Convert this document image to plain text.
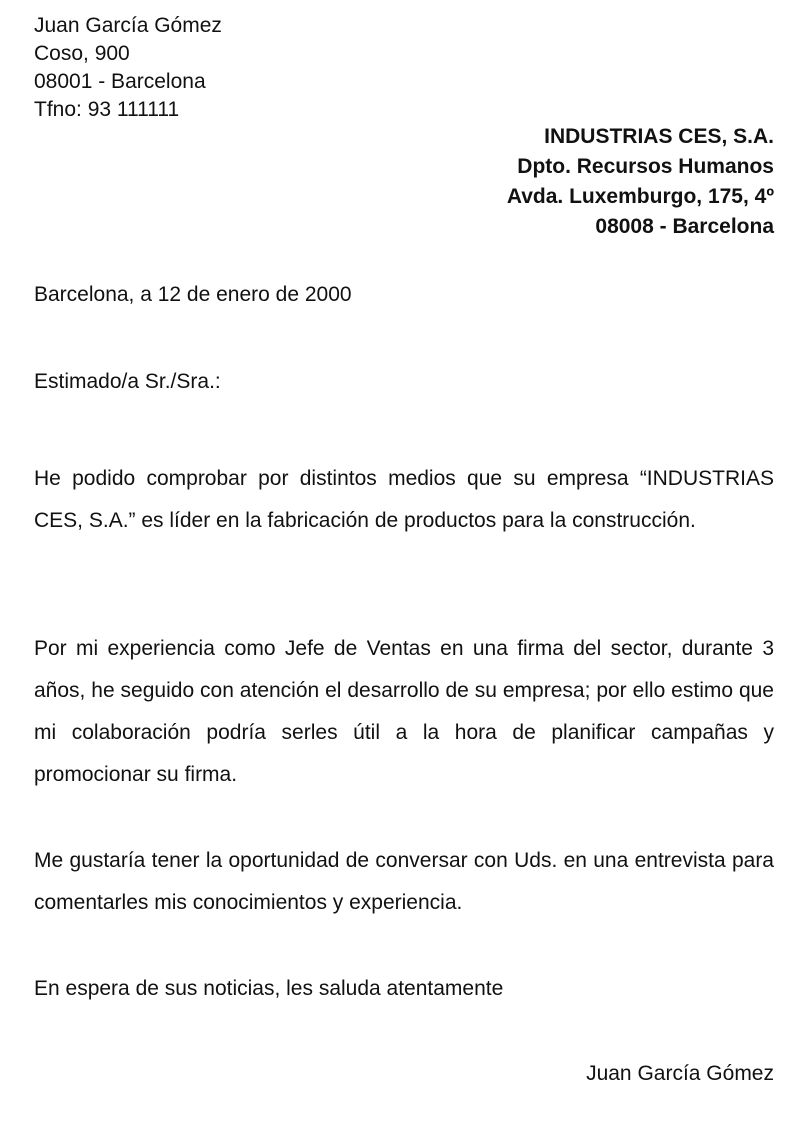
Juan García Gómez
Coso, 900
08001 - Barcelona
Tfno: 93 111111
INDUSTRIAS CES, S.A.
Dpto. Recursos Humanos
Avda. Luxemburgo, 175, 4º
08008 - Barcelona
Barcelona, a 12 de enero de 2000
Estimado/a Sr./Sra.:

He podido comprobar por distintos medios que su empresa “INDUSTRIAS CES, S.A.” es líder en la fabricación de productos para la construcción.

Por mi experiencia como Jefe de Ventas en una firma del sector, durante 3 años, he seguido con atención el desarrollo de su empresa; por ello estimo que mi colaboración podría serles útil a la hora de planificar campañas y promocionar su firma.

Me gustaría tener la oportunidad de conversar con Uds. en una entrevista para comentarles mis conocimientos y experiencia.

En espera de sus noticias, les saluda atentamente
Juan García Gómez
